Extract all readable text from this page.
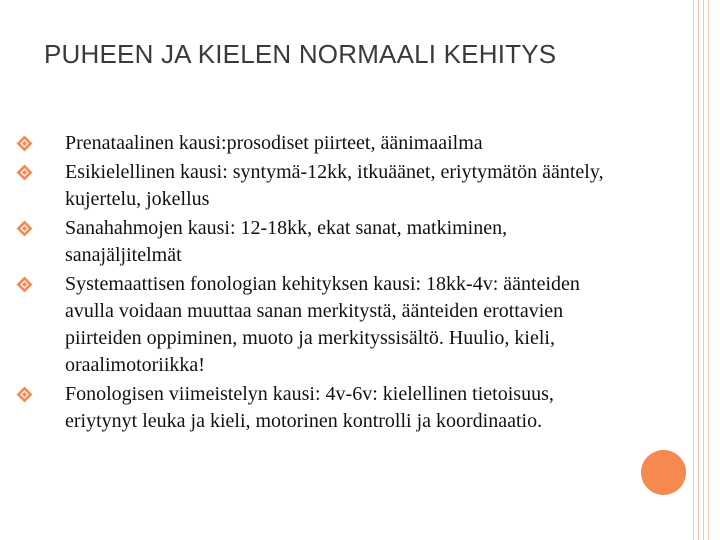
PUHEEN JA KIELEN NORMAALI KEHITYS
Prenataalinen kausi:prosodiset piirteet, äänimaailma
Esikielellinen kausi: syntymä-12kk, itkuäänet, eriytymätön ääntely, kujertelu, jokellus
Sanahahmojen kausi: 12-18kk, ekat sanat, matkiminen, sanajäljitelmät
Systemaattisen fonologian kehityksen kausi: 18kk-4v: äänteiden avulla voidaan muuttaa sanan merkitystä, äänteiden erottavien piirteiden oppiminen, muoto ja merkityssisältö. Huulio, kieli, oraalimotoriikka!
Fonologisen viimeistelyn kausi: 4v-6v: kielellinen tietoisuus, eriytynyt leuka ja kieli, motorinen kontrolli ja koordinaatio.
